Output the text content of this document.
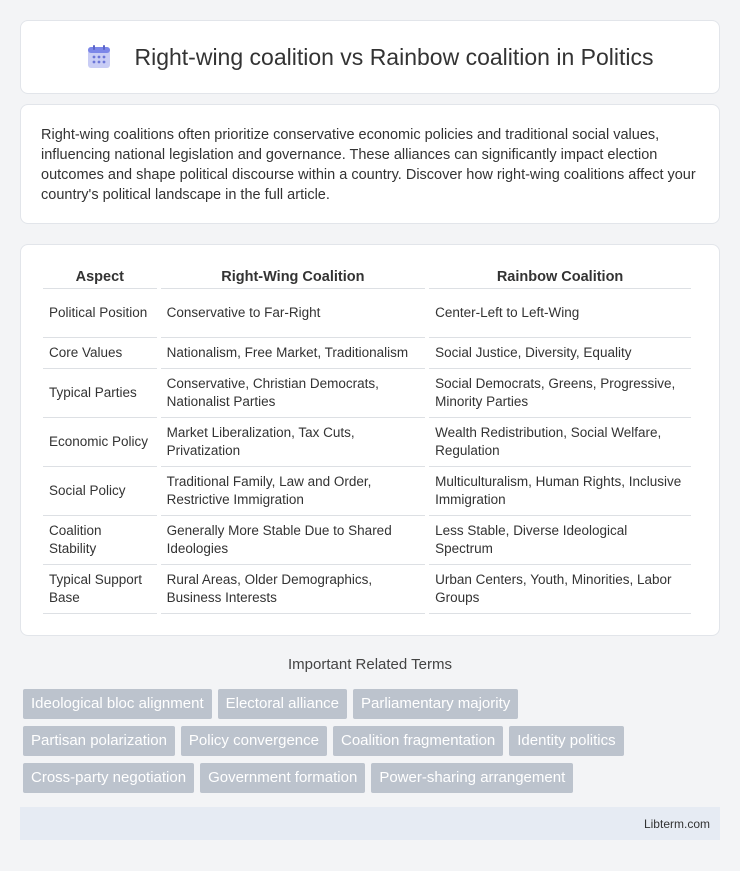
Right-wing coalition vs Rainbow coalition in Politics

Right-wing coalitions often prioritize conservative economic policies and traditional social values, influencing national legislation and governance. These alliances can significantly impact election outcomes and shape political discourse within a country. Discover how right-wing coalitions affect your country's political landscape in the full article.

Aspect	Right-Wing Coalition	Rainbow Coalition
Political Position	Conservative to Far-Right	Center-Left to Left-Wing
Core Values	Nationalism, Free Market, Traditionalism	Social Justice, Diversity, Equality
Typical Parties	Conservative, Christian Democrats, Nationalist Parties	Social Democrats, Greens, Progressive, Minority Parties
Economic Policy	Market Liberalization, Tax Cuts, Privatization	Wealth Redistribution, Social Welfare, Regulation
Social Policy	Traditional Family, Law and Order, Restrictive Immigration	Multiculturalism, Human Rights, Inclusive Immigration
Coalition Stability	Generally More Stable Due to Shared Ideologies	Less Stable, Diverse Ideological Spectrum
Typical Support Base	Rural Areas, Older Demographics, Business Interests	Urban Centers, Youth, Minorities, Labor Groups
Important Related Terms
Ideological bloc alignment	Electoral alliance	Parliamentary majority
Partisan polarization	Policy convergence	Coalition fragmentation	Identity politics
Cross-party negotiation	Government formation	Power-sharing arrangement
Libterm.com
